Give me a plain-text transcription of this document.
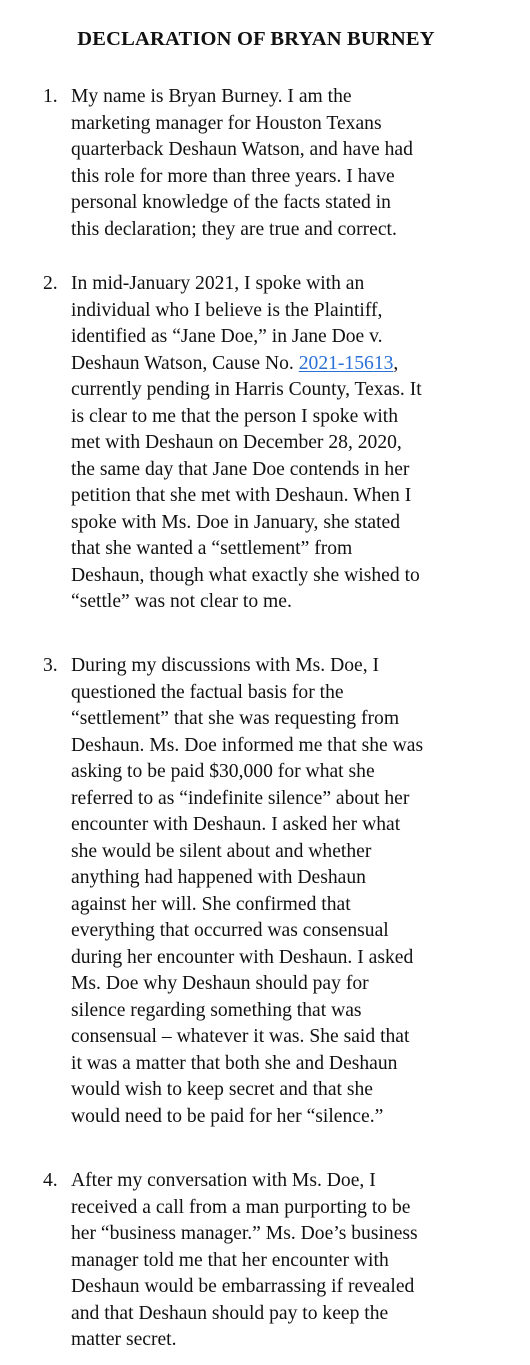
DECLARATION OF BRYAN BURNEY
1. My name is Bryan Burney. I am the
marketing manager for Houston Texans
quarterback Deshaun Watson, and have had
this role for more than three years. I have
personal knowledge of the facts stated in
this declaration; they are true and correct.
2. In mid-January 2021, I spoke with an
individual who I believe is the Plaintiff,
identified as “Jane Doe,” in Jane Doe v.
Deshaun Watson, Cause No. 2021-15613,
currently pending in Harris County, Texas. It
is clear to me that the person I spoke with
met with Deshaun on December 28, 2020,
the same day that Jane Doe contends in her
petition that she met with Deshaun. When I
spoke with Ms. Doe in January, she stated
that she wanted a “settlement” from
Deshaun, though what exactly she wished to
“settle” was not clear to me.
3. During my discussions with Ms. Doe, I
questioned the factual basis for the
“settlement” that she was requesting from
Deshaun. Ms. Doe informed me that she was
asking to be paid $30,000 for what she
referred to as “indefinite silence” about her
encounter with Deshaun. I asked her what
she would be silent about and whether
anything had happened with Deshaun
against her will. She confirmed that
everything that occurred was consensual
during her encounter with Deshaun. I asked
Ms. Doe why Deshaun should pay for
silence regarding something that was
consensual – whatever it was. She said that
it was a matter that both she and Deshaun
would wish to keep secret and that she
would need to be paid for her “silence.”
4. After my conversation with Ms. Doe, I
received a call from a man purporting to be
her “business manager.” Ms. Doe’s business
manager told me that her encounter with
Deshaun would be embarrassing if revealed
and that Deshaun should pay to keep the
matter secret.
